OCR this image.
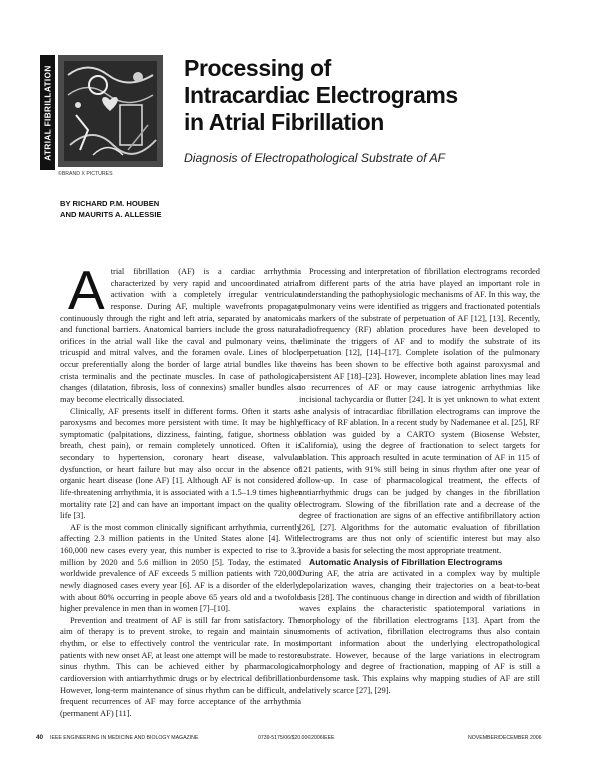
ATRIAL FIBRILLATION
©BRAND X PICTURES
Processing of
Intracardiac Electrograms
in Atrial Fibrillation
Diagnosis of Electropathological Substrate of AF
BY RICHARD P.M. HOUBEN
AND MAURITS A. ALLESSIE

Atrial fibrillation (AF) is a cardiac arrhythmia characterized by very rapid and uncoordinated atrial activation with a completely irregular ventricular response. During AF, multiple wavefronts propagate continuously through the right and left atria, separated by anatomical and functional barriers. Anatomical barriers include the gross natural orifices in the atrial wall like the caval and pulmonary veins, the tricuspid and mitral valves, and the foramen ovale. Lines of block occur preferentially along the border of large atrial bundles like the crista terminalis and the pectinate muscles. In case of pathological changes (dilatation, fibrosis, loss of connexins) smaller bundles also may become electrically dissociated.

Clinically, AF presents itself in different forms. Often it starts as paroxysms and becomes more persistent with time. It may be highly symptomatic (palpitations, dizziness, fainting, fatigue, shortness of breath, chest pain), or remain completely unnoticed. Often it is secondary to hypertension, coronary heart disease, valvular dysfunction, or heart failure but may also occur in the absence of organic heart disease (lone AF) [1]. Although AF is not considered a life-threatening arrhythmia, it is associated with a 1.5–1.9 times higher mortality rate [2] and can have an important impact on the quality of life [3].

AF is the most common clinically significant arrhythmia, currently affecting 2.3 million patients in the United States alone [4]. With 160,000 new cases every year, this number is expected to rise to 3.3 million by 2020 and 5.6 million in 2050 [5]. Today, the estimated worldwide prevalence of AF exceeds 5 million patients with 720,000 newly diagnosed cases every year [6]. AF is a disorder of the elderly, with about 80% occurring in people above 65 years old and a twofold higher prevalence in men than in women [7]–[10].

Prevention and treatment of AF is still far from satisfactory. The aim of therapy is to prevent stroke, to regain and maintain sinus rhythm, or else to effectively control the ventricular rate. In most patients with new onset AF, at least one attempt will be made to restore sinus rhythm. This can be achieved either by pharmacological cardioversion with antiarrhythmic drugs or by electrical defibrillation. However, long-term maintenance of sinus rhythm can be difficult, and frequent recurrences of AF may force acceptance of the arrhythmia (permanent AF) [11].

Processing and interpretation of fibrillation electrograms recorded from different parts of the atria have played an important role in understanding the pathophysiologic mechanisms of AF. In this way, the pulmonary veins were identified as triggers and fractionated potentials as markers of the substrate of perpetuation of AF [12], [13]. Recently, radiofrequency (RF) ablation procedures have been developed to eliminate the triggers of AF and to modify the substrate of its perpetuation [12], [14]–[17]. Complete isolation of the pulmonary veins has been shown to be effective both against paroxysmal and persistent AF [18]–[23]. However, incomplete ablation lines may lead to recurrences of AF or may cause iatrogenic arrhythmias like incisional tachycardia or flutter [24]. It is yet unknown to what extent the analysis of intracardiac fibrillation electrograms can improve the efficacy of RF ablation. In a recent study by Nademanee et al. [25], RF ablation was guided by a CARTO system (Biosense Webster, California), using the degree of fractionation to select targets for ablation. This approach resulted in acute termination of AF in 115 of 121 patients, with 91% still being in sinus rhythm after one year of follow-up. In case of pharmacological treatment, the effects of antiarrhythmic drugs can be judged by changes in the fibrillation electrogram. Slowing of the fibrillation rate and a decrease of the degree of fractionation are signs of an effective antifibrillatory action [26], [27]. Algorithms for the automatic evaluation of fibrillation electrograms are thus not only of scientific interest but may also provide a basis for selecting the most appropriate treatment.

Automatic Analysis of Fibrillation Electrograms

During AF, the atria are activated in a complex way by multiple depolarization waves, changing their trajectories on a beat-to-beat basis [28]. The continuous change in direction and width of fibrillation waves explains the characteristic spatiotemporal variations in morphology of the fibrillation electrograms [13]. Apart from the moments of activation, fibrillation electrograms thus also contain important information about the underlying electropathological substrate. However, because of the large variations in electrogram morphology and degree of fractionation, mapping of AF is still a burdensome task. This explains why mapping studies of AF are still relatively scarce [27], [29].

40 IEEE ENGINEERING IN MEDICINE AND BIOLOGY MAGAZINE	0739-5175/06/$20.00©2006IEEE	NOVEMBER/DECEMBER 2006
